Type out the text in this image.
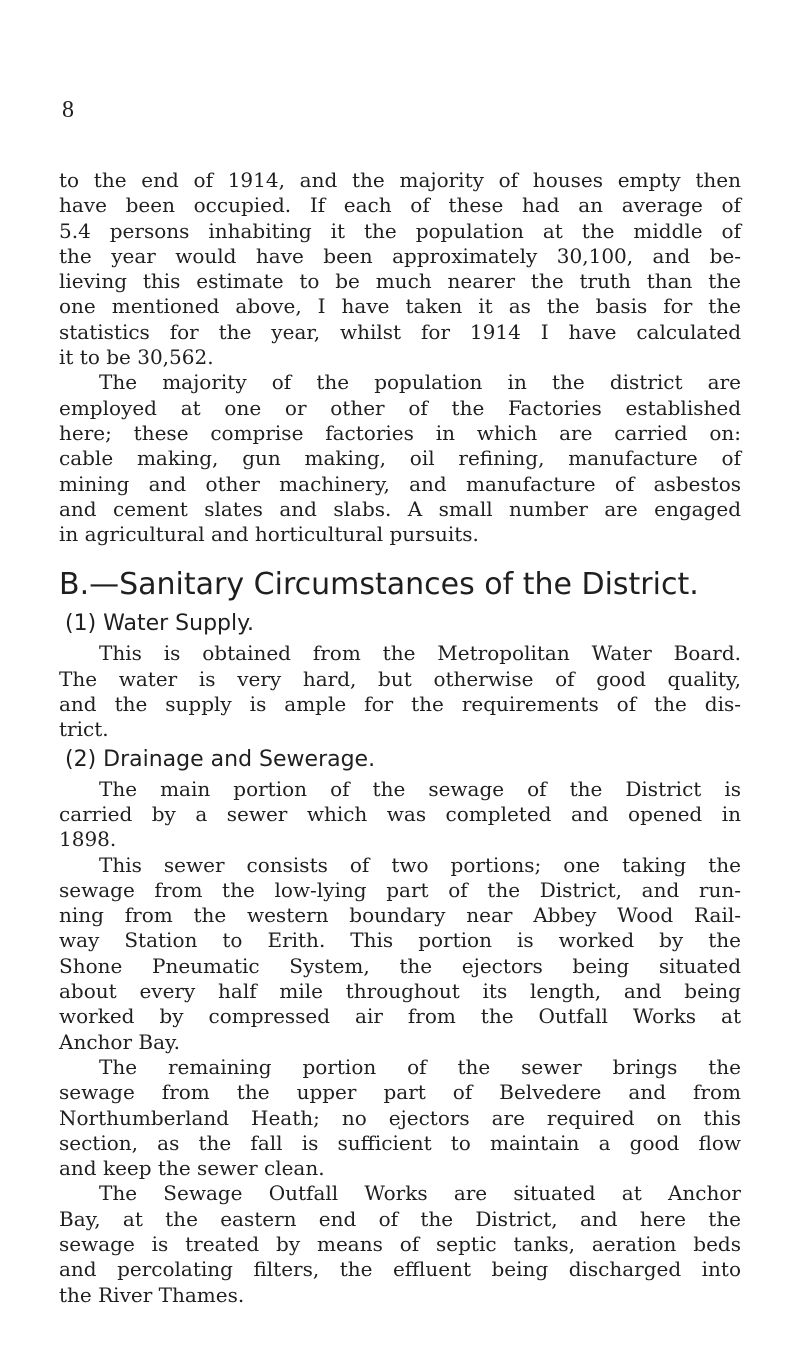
8
to the end of 1914, and the majority of houses empty then
have been occupied. If each of these had an average of
5.4 persons inhabiting it the population at the middle of
the year would have been approximately 30,100, and be-
lieving this estimate to be much nearer the truth than the
one mentioned above, I have taken it as the basis for the
statistics for the year, whilst for 1914 I have calculated
it to be 30,562.
The majority of the population in the district are
employed at one or other of the Factories established
here; these comprise factories in which are carried on:
cable making, gun making, oil refining, manufacture of
mining and other machinery, and manufacture of asbestos
and cement slates and slabs. A small number are engaged
in agricultural and horticultural pursuits.
B.—Sanitary Circumstances of the District.
(1) Water Supply.
This is obtained from the Metropolitan Water Board.
The water is very hard, but otherwise of good quality,
and the supply is ample for the requirements of the dis-
trict.
(2) Drainage and Sewerage.
The main portion of the sewage of the District is
carried by a sewer which was completed and opened in
1898.
This sewer consists of two portions; one taking the
sewage from the low-lying part of the District, and run-
ning from the western boundary near Abbey Wood Rail-
way Station to Erith. This portion is worked by the
Shone Pneumatic System, the ejectors being situated
about every half mile throughout its length, and being
worked by compressed air from the Outfall Works at
Anchor Bay.
The remaining portion of the sewer brings the
sewage from the upper part of Belvedere and from
Northumberland Heath; no ejectors are required on this
section, as the fall is sufficient to maintain a good flow
and keep the sewer clean.
The Sewage Outfall Works are situated at Anchor
Bay, at the eastern end of the District, and here the
sewage is treated by means of septic tanks, aeration beds
and percolating filters, the effluent being discharged into
the River Thames.
